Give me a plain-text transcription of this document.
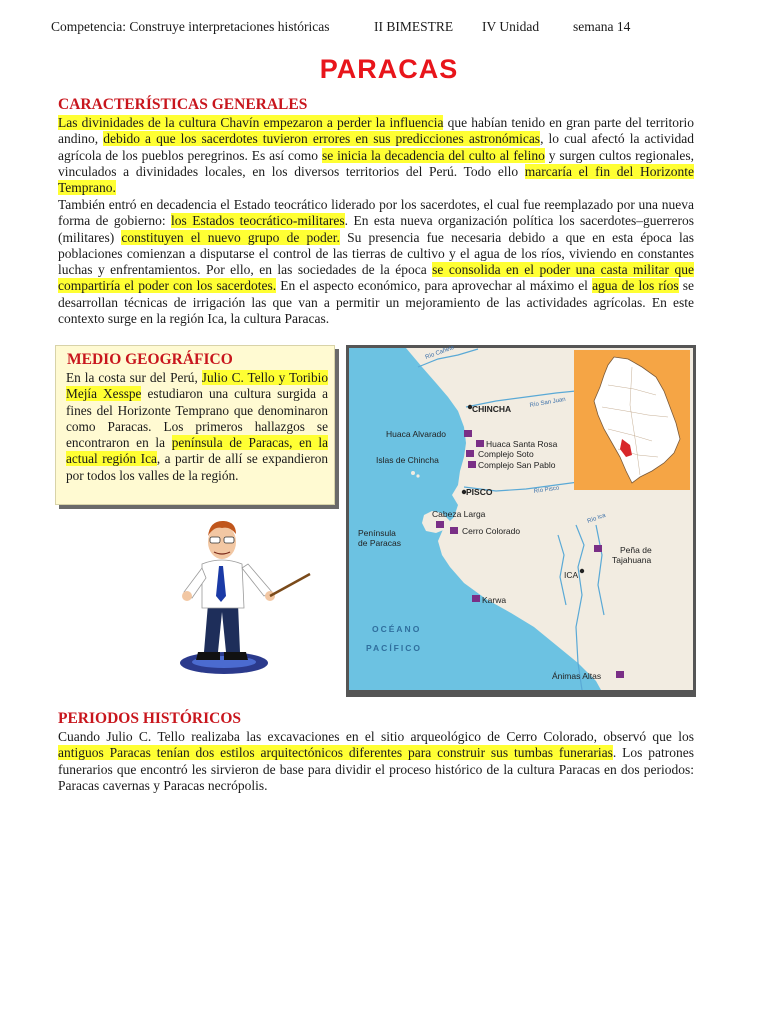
Competencia: Construye interpretaciones históricas	II BIMESTRE IV Unidad	semana 14
PARACAS
CARACTERÍSTICAS GENERALES
Las divinidades de la cultura Chavín empezaron a perder la influencia que habían tenido en gran parte del territorio andino, debido a que los sacerdotes tuvieron errores en sus predicciones astronómicas, lo cual afectó la actividad agrícola de los pueblos peregrinos. Es así como se inicia la decadencia del culto al felino y surgen cultos regionales, vinculados a divinidades locales, en los diversos territorios del Perú. Todo ello marcaría el fin del Horizonte Temprano.
También entró en decadencia el Estado teocrático liderado por los sacerdotes, el cual fue reemplazado por una nueva forma de gobierno: los Estados teocrático-militares. En esta nueva organización política los sacerdotes–guerreros (militares) constituyen el nuevo grupo de poder. Su presencia fue necesaria debido a que en esta época las poblaciones comienzan a disputarse el control de las tierras de cultivo y el agua de los ríos, viviendo en constantes luchas y enfrentamientos. Por ello, en las sociedades de la época se consolida en el poder una casta militar que compartiría el poder con los sacerdotes. En el aspecto económico, para aprovechar al máximo el agua de los ríos se desarrollan técnicas de irrigación las que van a permitir un mejoramiento de las actividades agrícolas. En este contexto surge en la región Ica, la cultura Paracas.
MEDIO GEOGRÁFICO
En la costa sur del Perú, Julio C. Tello y Toribio Mejía Xesspe estudiaron una cultura surgida a fines del Horizonte Temprano que denominaron como Paracas. Los primeros hallazgos se encontraron en la península de Paracas, en la actual región Ica, a partir de allí se expandieron por todos los valles de la región.
Río Cañete
Río San Juan
Río Pisco
Río Ica
CHINCHA
Huaca Alvarado
Huaca Santa Rosa
Complejo Soto
Complejo San Pablo
Islas de Chincha
PISCO
Cabeza Larga
Cerro Colorado
Península
de Paracas
Peña de
Tajahuana
ICA
Karwa
OCÉANO
PACÍFICO
Ánimas Altas
PERIODOS HISTÓRICOS
Cuando Julio C. Tello realizaba las excavaciones en el sitio arqueológico de Cerro Colorado, observó que los antiguos Paracas tenían dos estilos arquitectónicos diferentes para construir sus tumbas funerarias. Los patrones funerarios que encontró les sirvieron de base para dividir el proceso histórico de la cultura Paracas en dos periodos: Paracas cavernas y Paracas necrópolis.
